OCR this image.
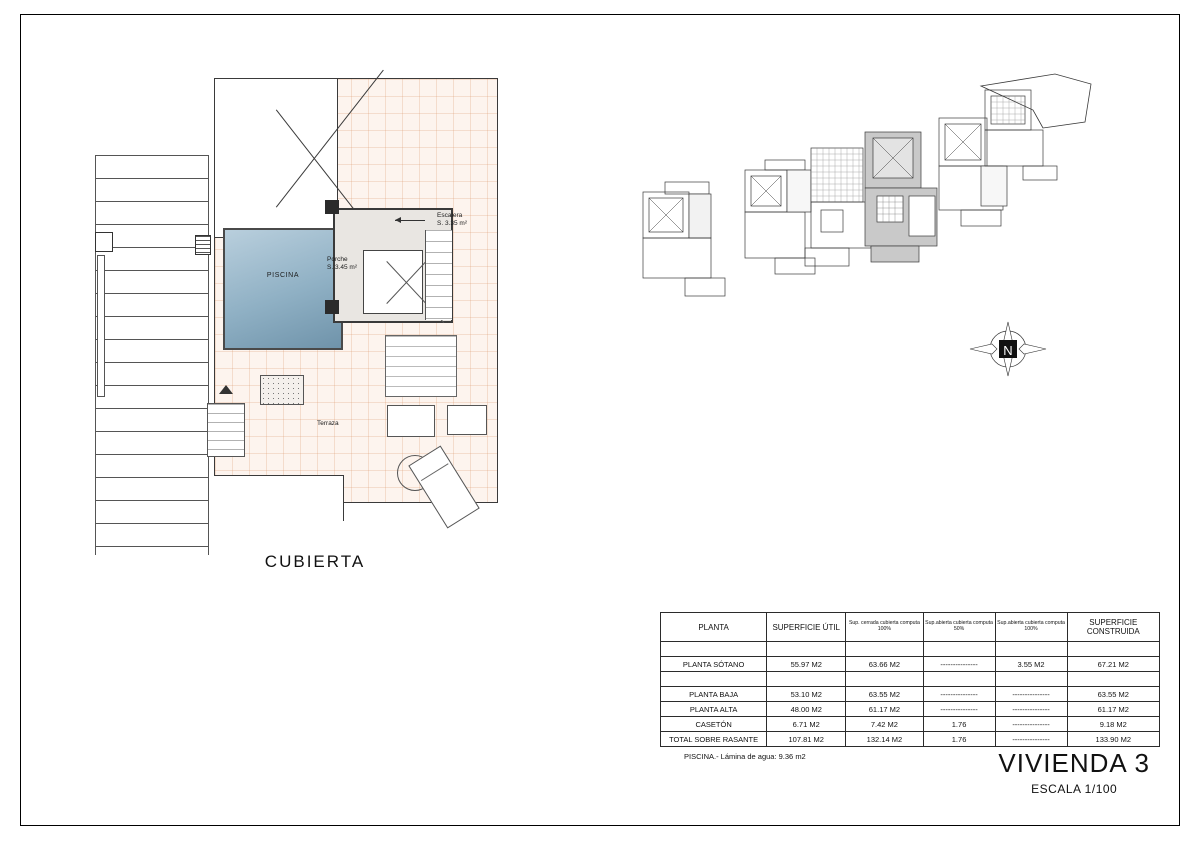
PISCINA
Porche
S. 3.45 m²
Escalera
S. 3.35 m²
Terraza
CUBIERTA
N
PLANTA	SUPERFICIE ÚTIL	Sup. cerrada cubierta computa 100%	Sup.abierta cubierta computa 50%	Sup.abierta cubierta computa 100%	SUPERFICIE CONSTRUIDA

PLANTA SÓTANO	55.97 M2	63.66 M2	---------------	3.55 M2	67.21 M2

PLANTA BAJA	53.10 M2	63.55 M2	---------------	---------------	63.55 M2
PLANTA ALTA	48.00 M2	61.17 M2	---------------	---------------	61.17 M2
CASETÓN	6.71 M2	7.42 M2	1.76	---------------	9.18 M2
TOTAL SOBRE RASANTE	107.81 M2	132.14 M2	1.76	---------------	133.90 M2
PISCINA.- Lámina de agua: 9.36 m2	VIVIENDA 3
ESCALA 1/100
